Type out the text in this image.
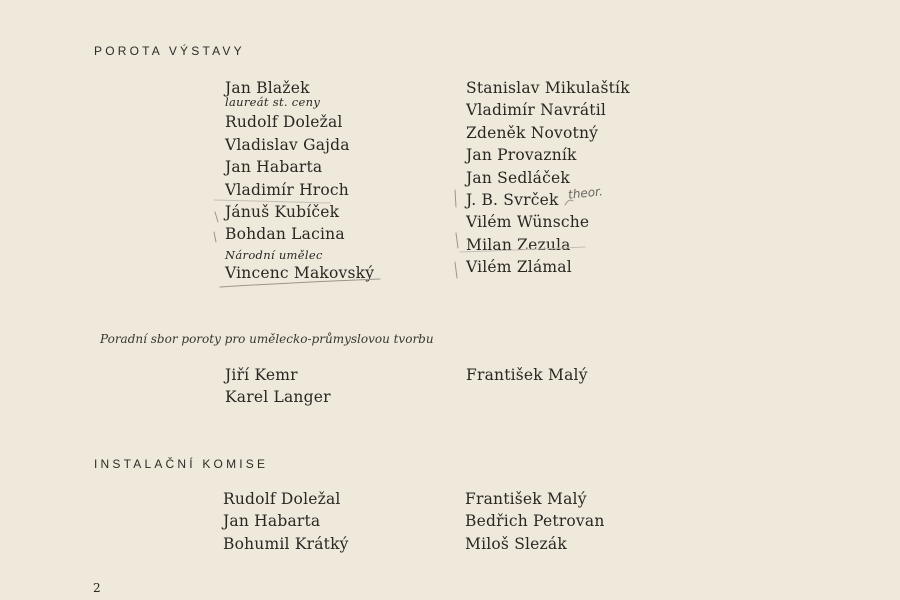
POROTA VÝSTAVY
Jan Blažek
laureát st. ceny
Rudolf Doležal
Vladislav Gajda
Jan Habarta
Vladimír Hroch
Jánuš Kubíček
Bohdan Lacina
Národní umělec
Vincenc Makovský
Stanislav Mikulaštík
Vladimír Navrátil
Zdeněk Novotný
Jan Provazník
Jan Sedláček
J. B. Svrček
Vilém Wünsche
Milan Zezula
Vilém Zlámal
theor.
Poradní sbor poroty pro umělecko-průmyslovou tvorbu
Jiří Kemr
Karel Langer
František Malý
INSTALAČNÍ KOMISE
Rudolf Doležal
Jan Habarta
Bohumil Krátký
František Malý
Bedřich Petrovan
Miloš Slezák
2
